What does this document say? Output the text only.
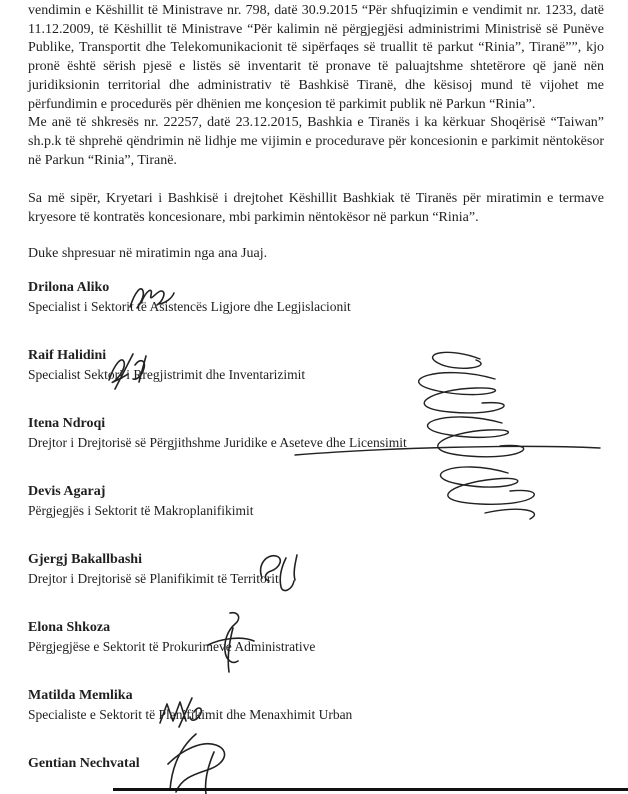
vendimin e Këshillit të Ministrave nr. 798, datë 30.9.2015 “Për shfuqizimin e vendimit nr. 1233, datë 11.12.2009, të Këshillit të Ministrave “Për kalimin në përgjegjësi administrimi Ministrisë së Punëve Publike, Transportit dhe Telekomunikacionit të sipërfaqes së truallit të parkut “Rinia”, Tiranë””, kjo pronë është sërish pjesë e listës së inventarit të pronave të paluajtshme shtetërore që janë nën juridiksionin territorial dhe administrativ të Bashkisë Tiranë, dhe kësisoj mund të vijohet me përfundimin e procedurës për dhënien me konçesion të parkimit publik në Parkun “Rinia”.

Me anë të shkresës nr. 22257, datë 23.12.2015, Bashkia e Tiranës i ka kërkuar Shoqërisë “Taiwan” sh.p.k të shprehë qëndrimin në lidhje me vijimin e procedurave për koncesionin e parkimit nëntokësor në Parkun “Rinia”, Tiranë.

Sa më sipër, Kryetari i Bashkisë i drejtohet Këshillit Bashkiak të Tiranës për miratimin e termave kryesore të kontratës koncesionare, mbi parkimin nëntokësor në parkun “Rinia”.

Duke shpresuar në miratimin nga ana Juaj.

Drilona Aliko
Specialist i Sektorit të Asistencës Ligjore dhe Legjislacionit
Raif Halidini
Specialist Sektori i Rregjistrimit dhe Inventarizimit
Itena Ndroqi
Drejtor i Drejtorisë së Përgjithshme Juridike e Aseteve dhe Licensimit
Devis Agaraj
Përgjegjës i Sektorit të Makroplanifikimit
Gjergj Bakallbashi
Drejtor i Drejtorisë së Planifikimit të Territorit
Elona Shkoza
Përgjegjëse e Sektorit të Prokurimeve Administrative
Matilda Memlika
Specialiste e Sektorit të Planifikimit dhe Menaxhimit Urban
Gentian Nechvatal
